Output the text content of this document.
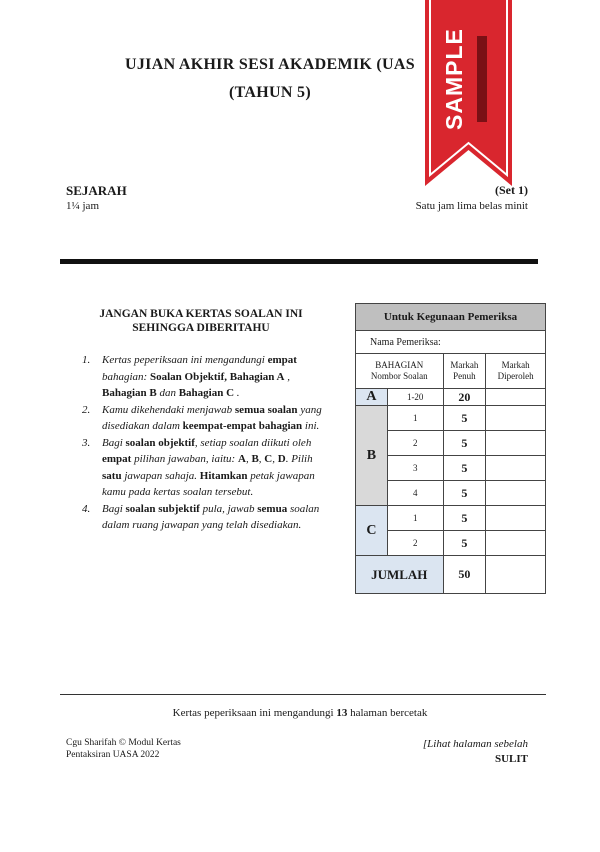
UJIAN AKHIR SESI AKADEMIK (UAS
(TAHUN 5)
SEJARAH
1¼ jam
(Set 1)
Satu jam lima belas minit
JANGAN BUKA KERTAS SOALAN INI
SEHINGGA DIBERITAHU
1. Kertas peperiksaan ini mengandungi empat bahagian: Soalan Objektif, Bahagian A , Bahagian B dan Bahagian C .
2. Kamu dikehendaki menjawab semua soalan yang disediakan dalam keempat-empat bahagian ini.
3. Bagi soalan objektif, setiap soalan diikuti oleh empat pilihan jawaban, iaitu: A, B, C, D. Pilih satu jawapan sahaja. Hitamkan petak jawapan kamu pada kertas soalan tersebut.
4. Bagi soalan subjektif pula, jawab semua soalan dalam ruang jawapan yang telah disediakan.
Untuk Kegunaan Pemeriksa			
Nama Pemeriksa:			

BAHAGIAN
Nombor Soalan		Markah Penuh	Markah Diperoleh
A	1-20	20	
B	1	5	
	2	5	
	3	5	
	4	5	
C	1	5	
	2	5	
JUMLAH		50	
Kertas peperiksaan ini mengandungi 13 halaman bercetak
Cgu Sharifah © Modul Kertas
Pentaksiran UASA 2022
[Lihat halaman sebelah
SULIT
SAMPLE
